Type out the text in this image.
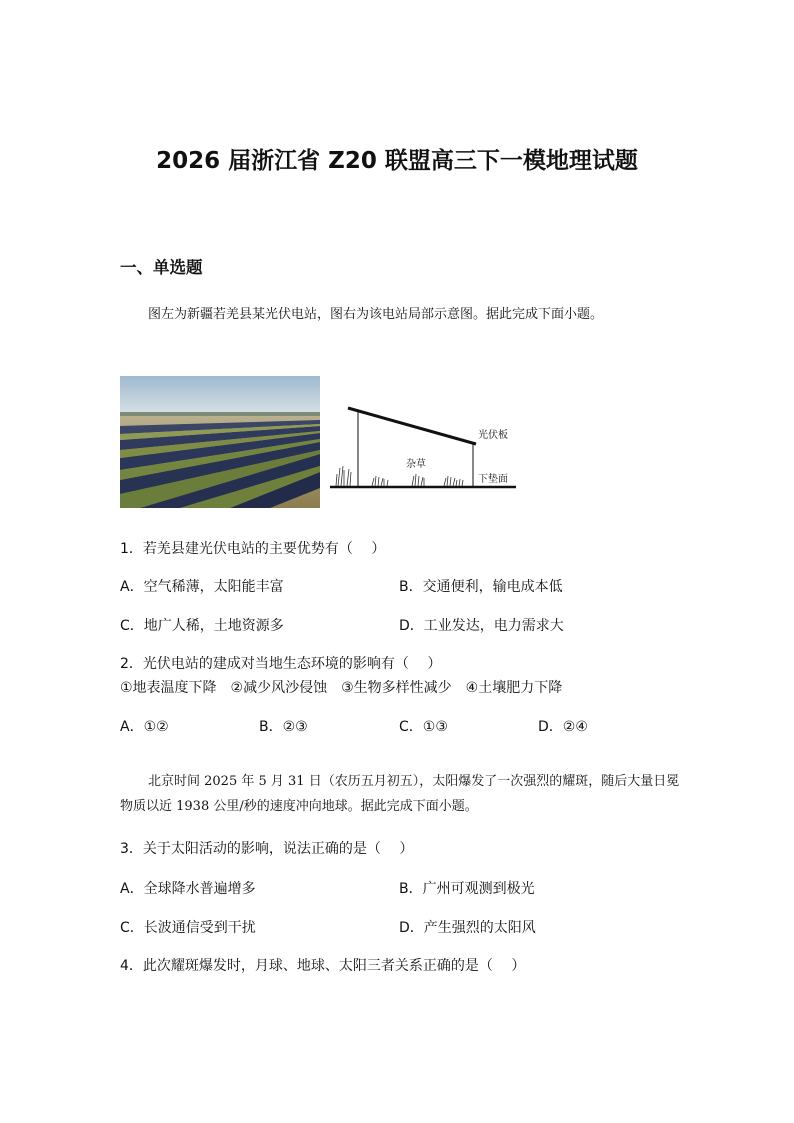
2026 届浙江省 Z20 联盟高三下一模地理试题
一、单选题
图左为新疆若羌县某光伏电站，图右为该电站局部示意图。据此完成下面小题。
光伏板
杂草
下垫面
1．若羌县建光伏电站的主要优势有（　 ）
A．空气稀薄，太阳能丰富	B．交通便利，输电成本低
C．地广人稀，土地资源多	D．工业发达，电力需求大
2．光伏电站的建成对当地生态环境的影响有（　 ）
①地表温度下降　②减少风沙侵蚀　③生物多样性减少　④土壤肥力下降
A．①②	B．②③	C．①③	D．②④
北京时间 2025 年 5 月 31 日（农历五月初五），太阳爆发了一次强烈的耀斑，随后大量日冕物质以近 1938 公里/秒的速度冲向地球。据此完成下面小题。
3．关于太阳活动的影响，说法正确的是（　 ）
A．全球降水普遍增多	B．广州可观测到极光
C．长波通信受到干扰	D．产生强烈的太阳风
4．此次耀斑爆发时，月球、地球、太阳三者关系正确的是（　 ）
